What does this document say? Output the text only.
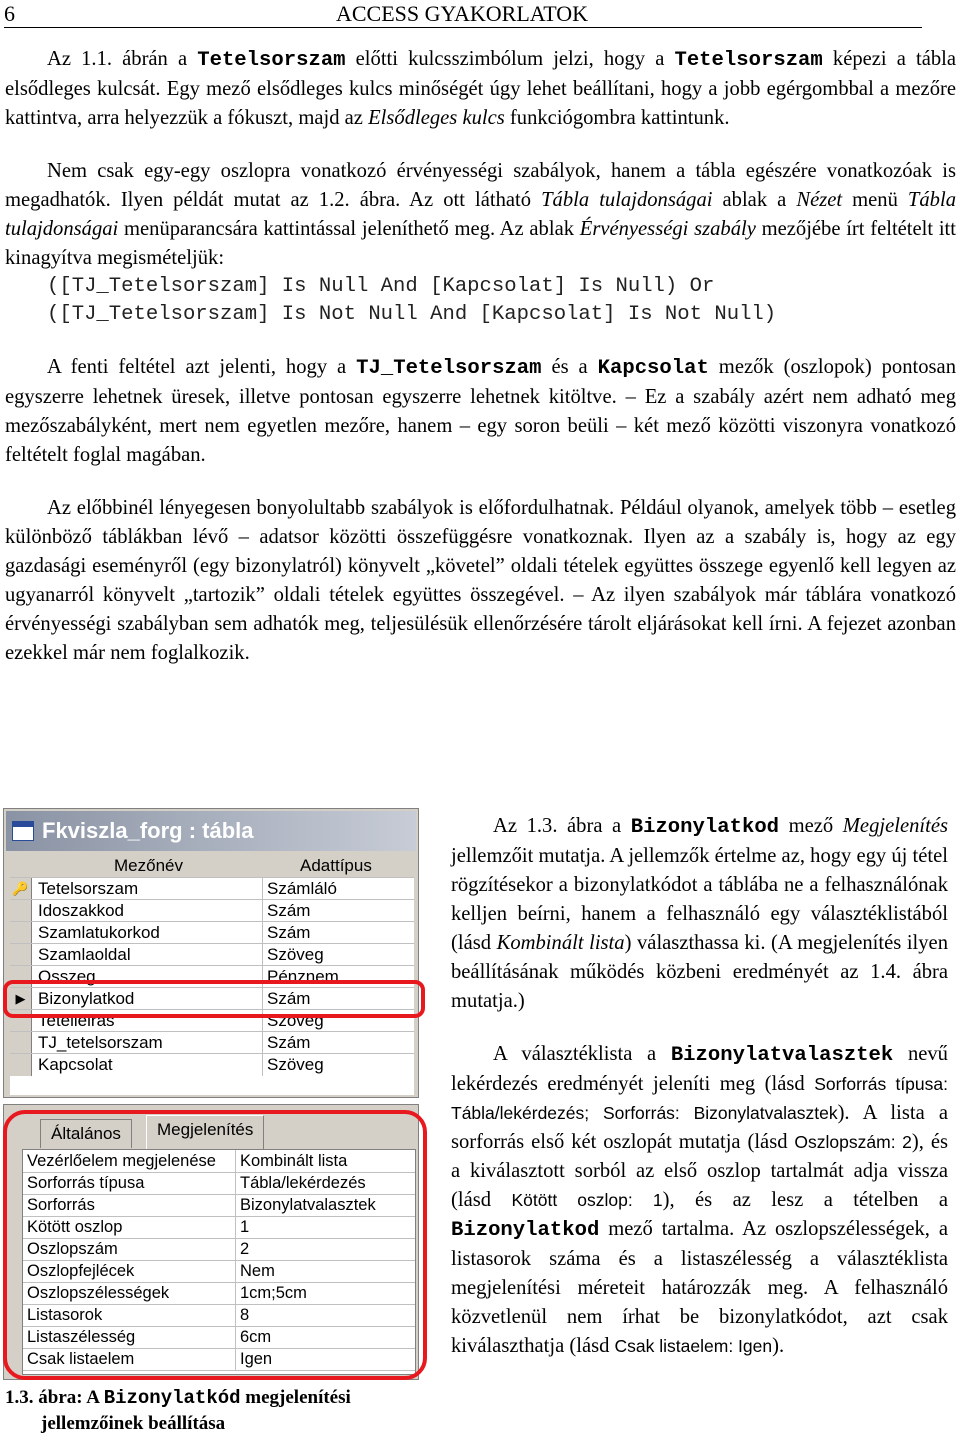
6	ACCESS GYAKORLATOK

Az 1.1. ábrán a Tetelsorszam előtti kulcsszimbólum jelzi, hogy a Tetelsorszam képezi a tábla elsődleges kulcsát. Egy mező elsődleges kulcs minőségét úgy lehet beállítani, hogy a jobb egérgombbal a mezőre kattintva, arra helyezzük a fókuszt, majd az Elsődleges kulcs funkciógombra kattintunk.

Nem csak egy-egy oszlopra vonatkozó érvényességi szabályok, hanem a tábla egészére vonatkozóak is megadhatók. Ilyen példát mutat az 1.2. ábra. Az ott látható Tábla tulajdonságai ablak a Nézet menü Tábla tulajdonságai menüparancsára kattintással jeleníthető meg. Az ablak Érvényességi szabály mezőjébe írt feltételt itt kinagyítva megismételjük:

([TJ_Tetelsorszam] Is Null And [Kapcsolat] Is Null) Or
([TJ_Tetelsorszam] Is Not Null And [Kapcsolat] Is Not Null)

A fenti feltétel azt jelenti, hogy a TJ_Tetelsorszam és a Kapcsolat mezők (oszlopok) pontosan egyszerre lehetnek üresek, illetve pontosan egyszerre lehetnek kitöltve. – Ez a szabály azért nem adható meg mezőszabályként, mert nem egyetlen mezőre, hanem – egy soron beüli – két mező közötti viszonyra vonatkozó feltételt foglal magában.

Az előbbinél lényegesen bonyolultabb szabályok is előfordulhatnak. Például olyanok, amelyek több – esetleg különböző táblákban lévő – adatsor közötti összefüggésre vonatkoznak. Ilyen az a szabály is, hogy az egy gazdasági eseményről (egy bizonylatról) könyvelt „követel” oldali tételek együttes összege egyenlő kell legyen az ugyanarról könyvelt „tartozik” oldali tételek együttes összegével. – Az ilyen szabályok már táblára vonatkozó érvényességi szabályban sem adhatók meg, teljesülésük ellenőrzésére tárolt eljárásokat kell írni. A fejezet azonban ezekkel már nem foglalkozik.

Fkviszla_forg : tábla
Mezőnév	Adattípus
🔑 Tetelsorszam	Számláló
Idoszakkod	Szám
Szamlatukorkod	Szám
Szamlaoldal	Szöveg
Osszeg	Pénznem
▶ Bizonylatkod	Szám
Tetelleiras	Szöveg
TJ_tetelsorszam	Szám
Kapcsolat	Szöveg
Általános	Megjelenítés
Vezérlőelem megjelenése	Kombinált lista
Sorforrás típusa	Tábla/lekérdezés
Sorforrás	Bizonylatvalasztek
Kötött oszlop	1
Oszlopszám	2
Oszlopfejlécek	Nem
Oszlopszélességek	1cm;5cm
Listasorok	8
Listaszélesség	6cm
Csak listaelem	Igen
1.3. ábra: A Bizonylatkód megjelenítési
jellemzőinek beállítása

Az 1.3. ábra a Bizonylatkod mező Megjelenítés jellemzőit mutatja. A jellemzők értelme az, hogy egy új tétel rögzítésekor a bizonylatkódot a táblába ne a felhasználónak kelljen beírni, hanem a felhasználó egy választéklistából (lásd Kombinált lista) választhassa ki. (A megjelenítés ilyen beállításának működés közbeni eredményét az 1.4. ábra mutatja.)

A választéklista a Bizonylatvalasztek nevű lekérdezés eredményét jeleníti meg (lásd Sorforrás típusa: Tábla/lekérdezés; Sorforrás: Bizonylatvalasztek). A lista a sorforrás első két oszlopát mutatja (lásd Oszlopszám: 2), és a kiválasztott sorból az első oszlop tartalmát adja vissza (lásd Kötött oszlop: 1), és az lesz a tételben a Bizonylatkod mező tartalma. Az oszlopszélességek, a listasorok száma és a listaszélesség a választéklista megjelenítési méreteit határozzák meg. A felhasználó közvetlenül nem írhat be bizonylatkódot, azt csak kiválaszthatja (lásd Csak listaelem: Igen).
